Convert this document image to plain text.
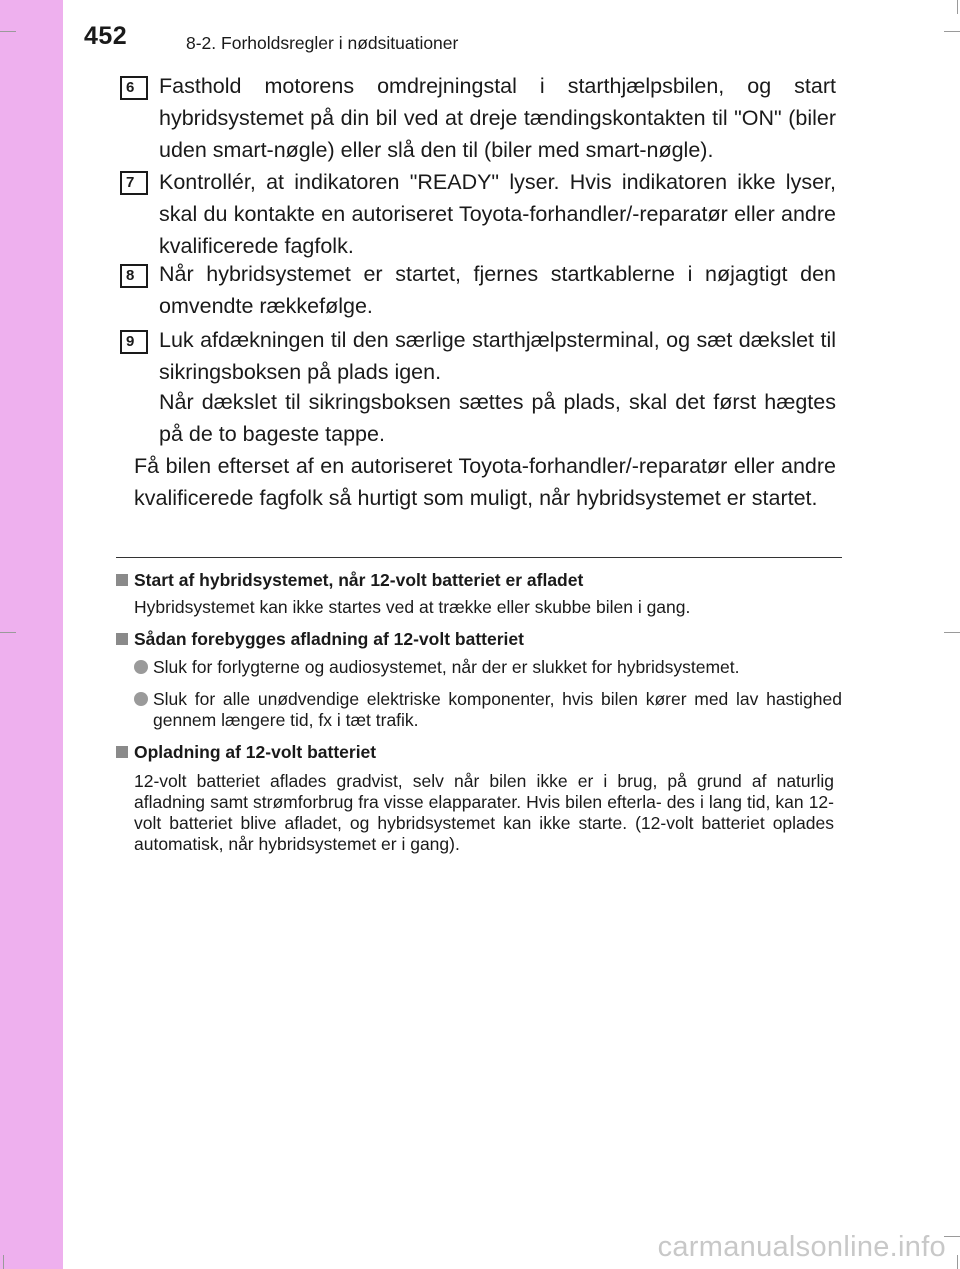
452	8-2. Forholdsregler i nødsituationer
6	Fasthold motorens omdrejningstal i starthjælpsbilen, og start hybridsystemet på din bil ved at dreje tændingskontakten til "ON" (biler uden smart-nøgle) eller slå den til (biler med smart-nøgle).
7	Kontrollér, at indikatoren "READY" lyser. Hvis indikatoren ikke lyser, skal du kontakte en autoriseret Toyota-forhandler/-reparatør eller andre kvalificerede fagfolk.
8	Når hybridsystemet er startet, fjernes startkablerne i nøjagtigt den omvendte rækkefølge.
9	Luk afdækningen til den særlige starthjælpsterminal, og sæt dækslet til sikringsboksen på plads igen.
Når dækslet til sikringsboksen sættes på plads, skal det først hægtes på de to bageste tappe.
Få bilen efterset af en autoriseret Toyota-forhandler/-reparatør eller andre kvalificerede fagfolk så hurtigt som muligt, når hybridsystemet er startet.
Start af hybridsystemet, når 12-volt batteriet er afladet
Hybridsystemet kan ikke startes ved at trække eller skubbe bilen i gang.
Sådan forebygges afladning af 12-volt batteriet
Sluk for forlygterne og audiosystemet, når der er slukket for hybridsystemet.
Sluk for alle unødvendige elektriske komponenter, hvis bilen kører med lav hastighed gennem længere tid, fx i tæt trafik.
Opladning af 12-volt batteriet
12-volt batteriet aflades gradvist, selv når bilen ikke er i brug, på grund af naturlig afladning samt strømforbrug fra visse elapparater. Hvis bilen efterla- des i lang tid, kan 12-volt batteriet blive afladet, og hybridsystemet kan ikke starte. (12-volt batteriet oplades automatisk, når hybridsystemet er i gang).
carmanualsonline.info
